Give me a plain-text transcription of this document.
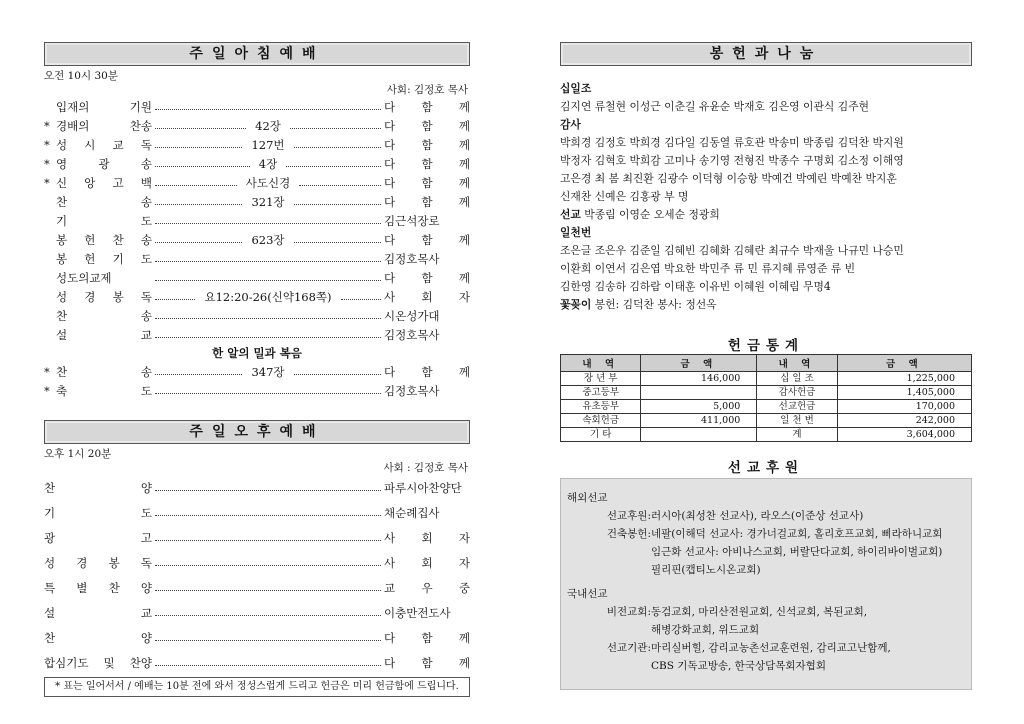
주일아침예배
오전 10시 30분
사회: 김정호 목사
입재의	기원	다 함 께
* 경배의	찬송	42장	다 함 께
* 성 시 교 독	127번	다 함 께
* 영	광	송	4장	다 함 께
* 신 앙 고 백	사도신경	다 함 께
찬	송	321장	다 함 께
기	도	김근석장로
봉 헌 찬 송	623장	다 함 께
봉 헌 기 도	김정호목사
성도의교제	다 함 께
성 경 봉 독	요12:20-26(신약168쪽)	사 회 자
찬	송	시온성가대
설	교	김정호목사
한 알의 밀과 복음
* 찬	송	347장	다 함 께
* 축	도	김정호목사
주일오후예배
오후 1시 20분
사회 : 김정호 목사
찬	양	파루시아찬양단
기	도	채순례집사
광	고	사 회 자
성 경 봉 독	사 회 자
특 별 찬 양	교 우 중
설	교	이충만전도사
찬	양	다 함 께
합심기도 및 찬양	다 함 께
* 표는 일어서서 / 예배는 10분 전에 와서 정성스럽게 드리고 헌금은 미리 헌금함에 드립니다.
봉헌과나눔
십일조
김지연 류철현 이성근 이춘길 유윤순 박재호 김은영 이관식 김주현
감사
박희경 김정호 박희경 김다일 김동열 류호관 박송미 박종림 김덕찬 박지원
박정자 김혁호 박희감 고미나 송기영 전형진 박종수 구명회 김소정 이해영
고은경 최 봄 최진환 김광수 이덕형 이승항 박예건 박예린 박예찬 박지훈
신재찬 신예은 김홍광 부 명
선교 박종림 이영순 오세순 정광희
일천번
조은글 조은우 김준일 김혜빈 김혜화 김혜란 최규수 박재울 나규민 나승민
이환희 이연서 김은엽 박요한 박민주 류 민 류지혜 류영준 류 빈
김한영 김송하 김하람 이태훈 이유빈 이혜원 이혜림 무명4
꽃꽂이 봉헌: 김덕찬 봉사: 정선옥
헌금통계
내 역	금 액	내 역	금 액
장 년 부	146,000	십 일 조	1,225,000
중고등부		감사헌금	1,405,000
유초등부	5,000	선교헌금	170,000
속회헌금	411,000	일 천 번	242,000
기 타		계	3,604,000
선교후원
해외선교
선교후원: 러시아(최성찬 선교사), 라오스(이준상 선교사)
건축봉헌: 네팔(이해덕 선교사: 경가너걸교회, 홀리호프교회, 삐라하니교회
임근화 선교사: 아비나스교회, 버랄단다교회, 하이리바이벌교회)
필리핀(캡티노시온교회)
국내선교
비전교회: 동검교회, 마리산전원교회, 신석교회, 복된교회,
해병강화교회, 위드교회
선교기관: 마리실버힐, 감리교농촌선교훈련원, 감리교고난함께,
CBS 기독교방송, 한국상담목회자협회
